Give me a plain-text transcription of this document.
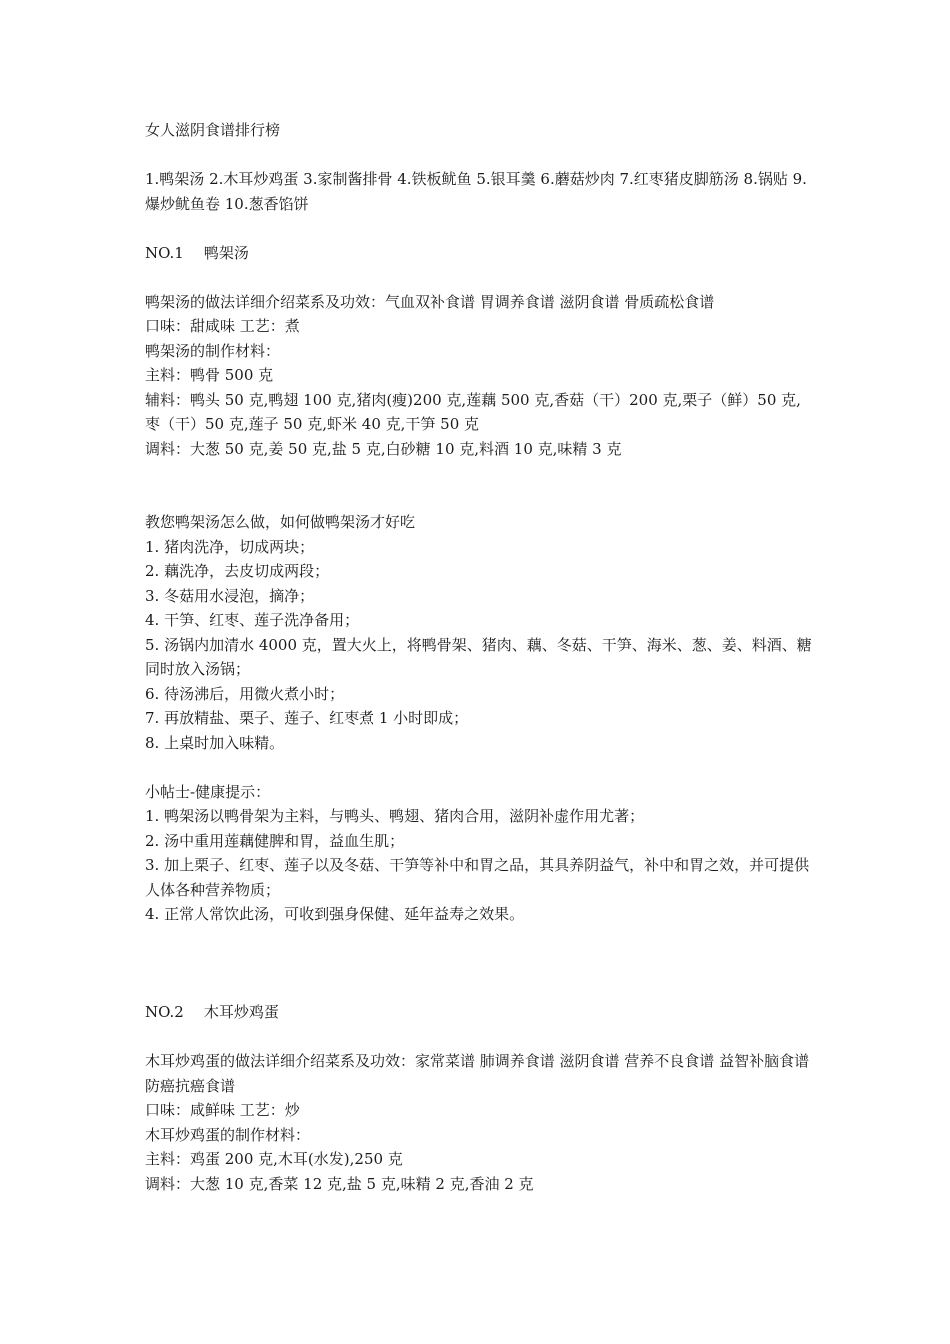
女人滋阴食谱排行榜

1.鸭架汤 2.木耳炒鸡蛋 3.家制酱排骨 4.铁板鱿鱼 5.银耳羹 6.蘑菇炒肉 7.红枣猪皮脚筋汤 8.锅贴 9.爆炒鱿鱼卷 10.葱香馅饼

NO.1 鸭架汤

鸭架汤的做法详细介绍菜系及功效：气血双补食谱 胃调养食谱 滋阴食谱 骨质疏松食谱

口味：甜咸味 工艺：煮

鸭架汤的制作材料：

主料：鸭骨 500 克

辅料：鸭头 50 克,鸭翅 100 克,猪肉(瘦)200 克,莲藕 500 克,香菇（干）200 克,栗子（鲜）50 克,枣（干）50 克,莲子 50 克,虾米 40 克,干笋 50 克

调料：大葱 50 克,姜 50 克,盐 5 克,白砂糖 10 克,料酒 10 克,味精 3 克

教您鸭架汤怎么做，如何做鸭架汤才好吃

1. 猪肉洗净，切成两块；

2. 藕洗净，去皮切成两段；

3. 冬菇用水浸泡，摘净；

4. 干笋、红枣、莲子洗净备用；

5. 汤锅内加清水 4000 克，置大火上，将鸭骨架、猪肉、藕、冬菇、干笋、海米、葱、姜、料酒、糖同时放入汤锅；

6. 待汤沸后，用微火煮小时；

7. 再放精盐、栗子、莲子、红枣煮 1 小时即成；

8. 上桌时加入味精。

小帖士-健康提示：

1. 鸭架汤以鸭骨架为主料，与鸭头、鸭翅、猪肉合用，滋阴补虚作用尤著；

2. 汤中重用莲藕健脾和胃，益血生肌；

3. 加上栗子、红枣、莲子以及冬菇、干笋等补中和胃之品，其具养阴益气，补中和胃之效，并可提供人体各种营养物质；

4. 正常人常饮此汤，可收到强身保健、延年益寿之效果。

NO.2 木耳炒鸡蛋

木耳炒鸡蛋的做法详细介绍菜系及功效：家常菜谱 肺调养食谱 滋阴食谱 营养不良食谱 益智补脑食谱 防癌抗癌食谱

口味：咸鲜味 工艺：炒

木耳炒鸡蛋的制作材料：

主料：鸡蛋 200 克,木耳(水发),250 克

调料：大葱 10 克,香菜 12 克,盐 5 克,味精 2 克,香油 2 克
